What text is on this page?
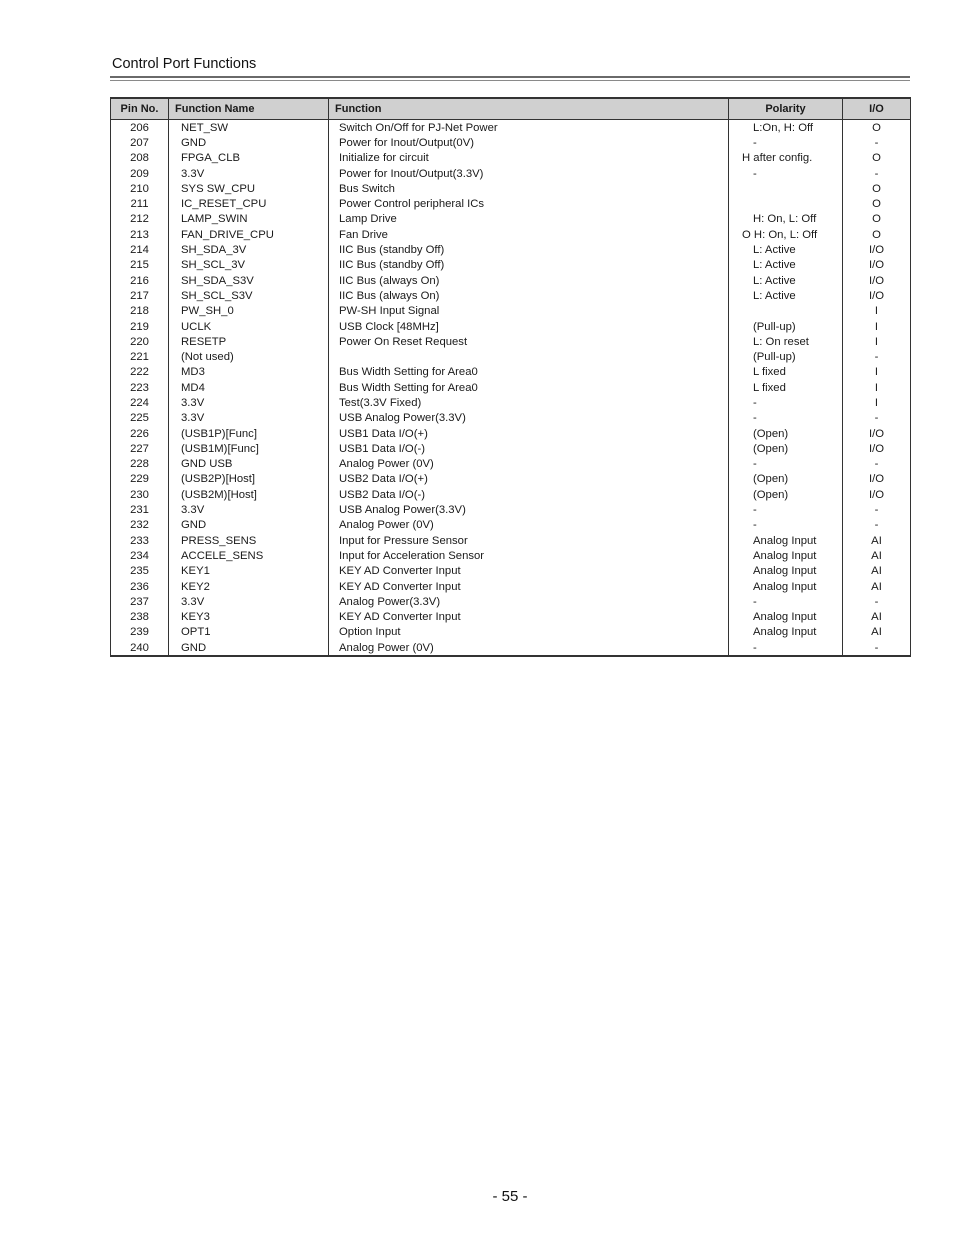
Control Port Functions
Pin No.	Function Name	Function	Polarity	I/O
206	NET_SW	Switch On/Off for PJ-Net Power	L:On, H: Off	O
207	GND	Power for Inout/Output(0V)	-	-
208	FPGA_CLB	Initialize for circuit	H after config.	O
209	3.3V	Power for Inout/Output(3.3V)	-	-
210	SYS SW_CPU	Bus Switch		O
211	IC_RESET_CPU	Power Control peripheral ICs		O
212	LAMP_SWIN	Lamp Drive	H: On, L: Off	O
213	FAN_DRIVE_CPU	Fan Drive	O H: On, L: Off	O
214	SH_SDA_3V	IIC Bus (standby Off)	L: Active	I/O
215	SH_SCL_3V	IIC Bus (standby Off)	L: Active	I/O
216	SH_SDA_S3V	IIC Bus (always On)	L: Active	I/O
217	SH_SCL_S3V	IIC Bus (always On)	L: Active	I/O
218	PW_SH_0	PW-SH Input Signal		I
219	UCLK	USB Clock [48MHz]	(Pull-up)	I
220	RESETP	Power On Reset Request	L: On reset	I
221	(Not used)		(Pull-up)	-
222	MD3	Bus Width Setting for Area0	L fixed	I
223	MD4	Bus Width Setting for Area0	L fixed	I
224	3.3V	Test(3.3V Fixed)	-	I
225	3.3V	USB Analog Power(3.3V)	-	-
226	(USB1P)[Func]	USB1 Data I/O(+)	(Open)	I/O
227	(USB1M)[Func]	USB1 Data I/O(-)	(Open)	I/O
228	GND USB	Analog Power (0V)	-	-
229	(USB2P)[Host]	USB2 Data I/O(+)	(Open)	I/O
230	(USB2M)[Host]	USB2 Data I/O(-)	(Open)	I/O
231	3.3V	USB Analog Power(3.3V)	-	-
232	GND	Analog Power (0V)	-	-
233	PRESS_SENS	Input for Pressure Sensor	Analog Input	AI
234	ACCELE_SENS	Input for Acceleration Sensor	Analog Input	AI
235	KEY1	KEY AD Converter Input	Analog Input	AI
236	KEY2	KEY AD Converter Input	Analog Input	AI
237	3.3V	Analog Power(3.3V)	-	-
238	KEY3	KEY AD Converter Input	Analog Input	AI
239	OPT1	Option Input	Analog Input	AI
240	GND	Analog Power (0V)	-	-
- 55 -
